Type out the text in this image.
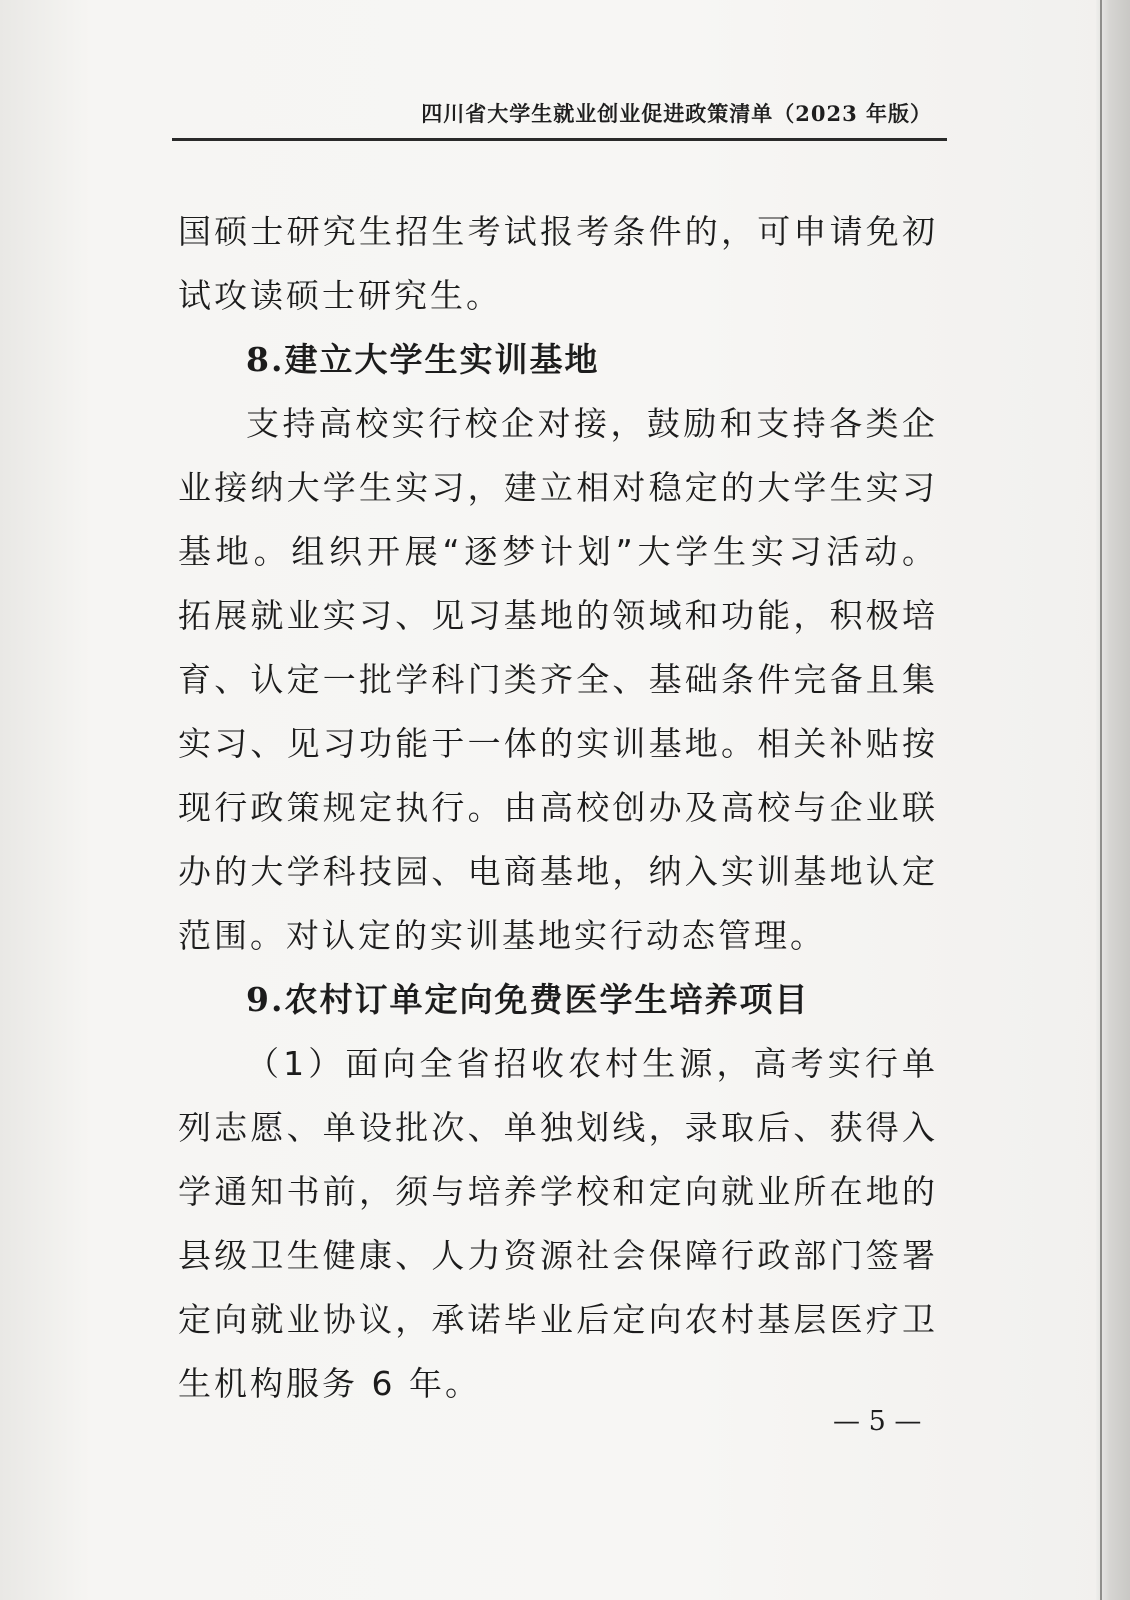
四川省大学生就业创业促进政策清单（2023 年版）

国硕士研究生招生考试报考条件的，可申请免初试攻读硕士研究生。

8.建立大学生实训基地

支持高校实行校企对接，鼓励和支持各类企业接纳大学生实习，建立相对稳定的大学生实习基地。组织开展“逐梦计划”大学生实习活动。拓展就业实习、见习基地的领域和功能，积极培育、认定一批学科门类齐全、基础条件完备且集实习、见习功能于一体的实训基地。相关补贴按现行政策规定执行。由高校创办及高校与企业联办的大学科技园、电商基地，纳入实训基地认定范围。对认定的实训基地实行动态管理。

9.农村订单定向免费医学生培养项目

（1）面向全省招收农村生源，高考实行单列志愿、单设批次、单独划线，录取后、获得入学通知书前，须与培养学校和定向就业所在地的县级卫生健康、人力资源社会保障行政部门签署定向就业协议，承诺毕业后定向农村基层医疗卫生机构服务 6 年。

— 5 —
